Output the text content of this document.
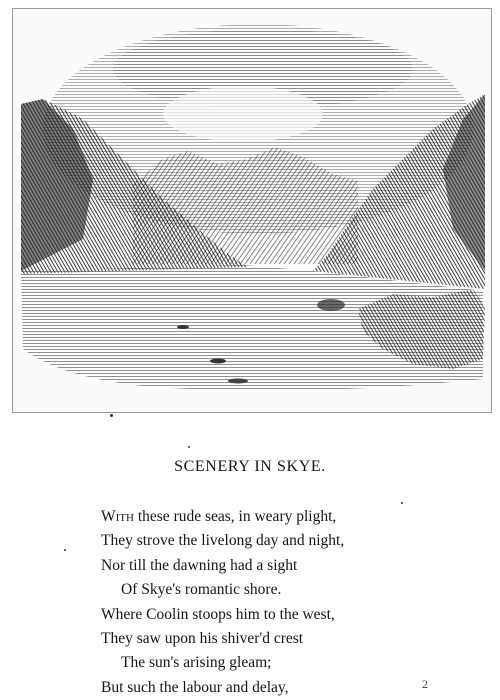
SCENERY IN SKYE.
With these rude seas, in weary plight,
They strove the livelong day and night,
Nor till the dawning had a sight
Of Skye's romantic shore.
Where Coolin stoops him to the west,
They saw upon his shiver'd crest
The sun's arising gleam;
But such the labour and delay,	2
